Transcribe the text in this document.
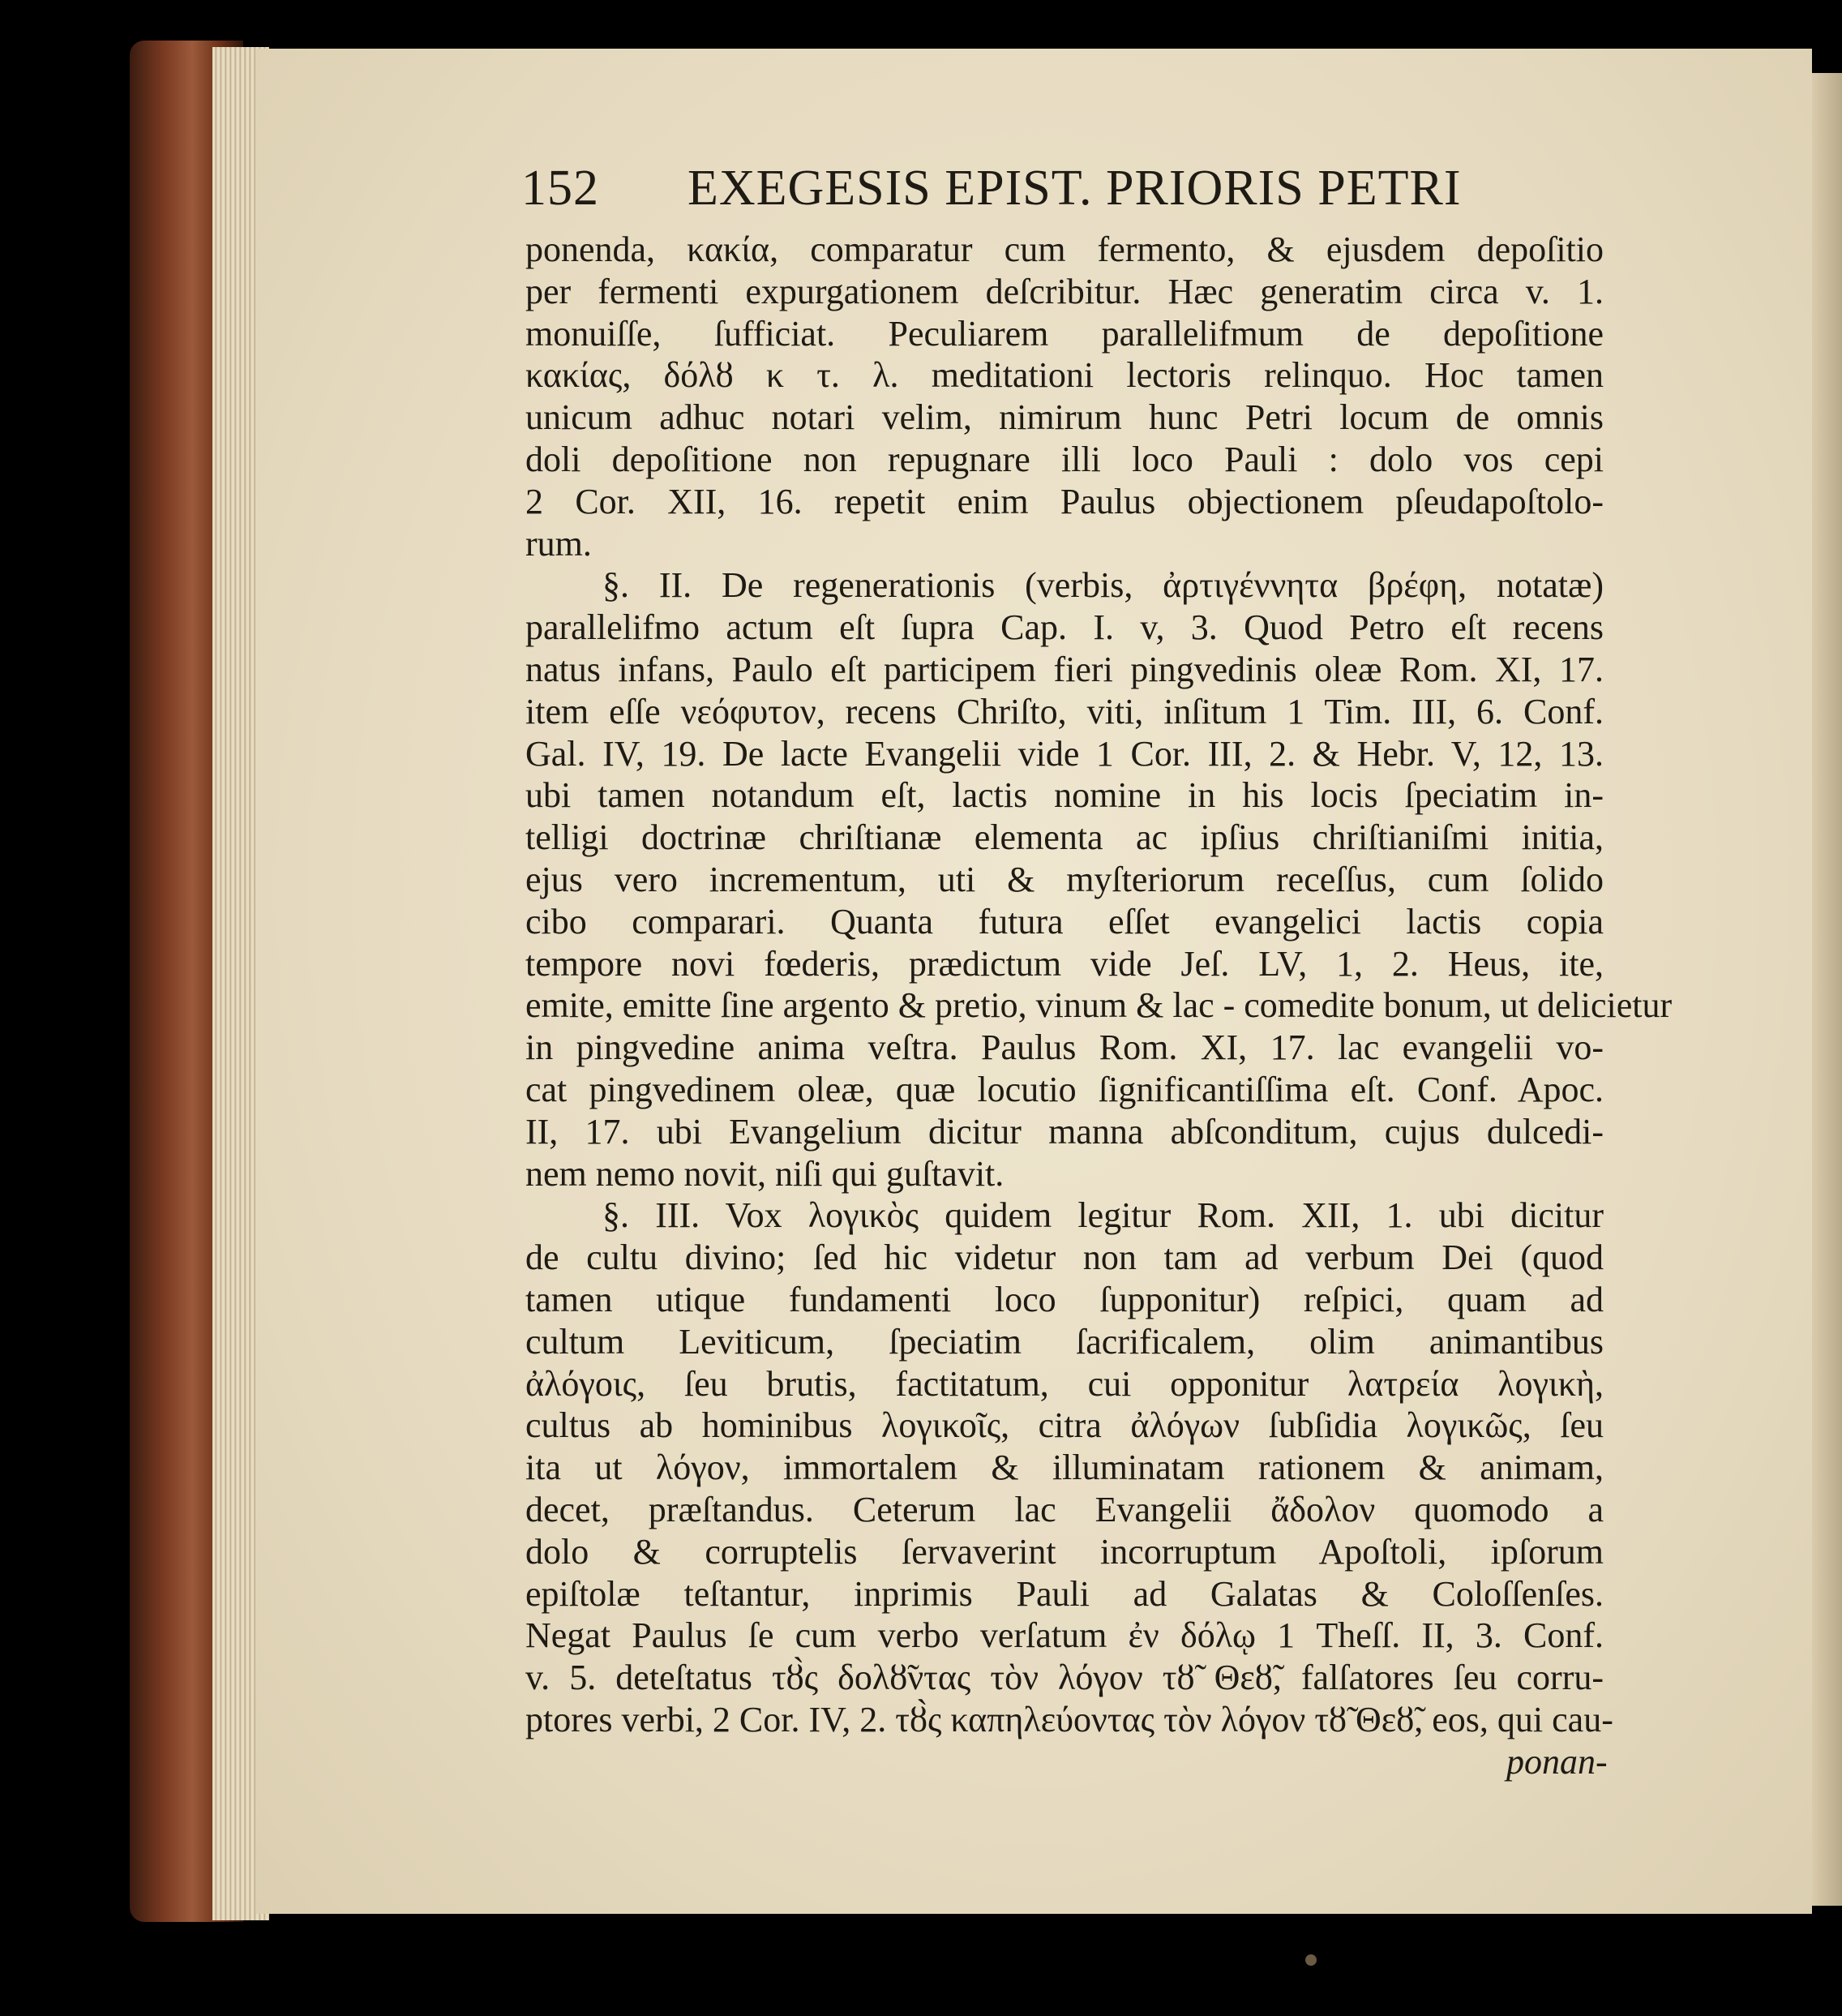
152 EXEGESIS EPIST. PRIORIS PETRI
ponenda, κακία, comparatur cum fermento, & ejusdem depoſitio
per fermenti expurgationem deſcribitur. Hæc generatim circa v. 1.
monuiſſe, ſufficiat. Peculiarem parallelifmum de depoſitione
κακίας, δόλȣ κ τ. λ. meditationi lectoris relinquo. Hoc tamen
unicum adhuc notari velim, nimirum hunc Petri locum de omnis
doli depoſitione non repugnare illi loco Pauli : dolo vos cepi
2 Cor. XII, 16. repetit enim Paulus objectionem pſeudapoſtolo-
rum.
§. II. De regenerationis (verbis, ἀρτιγέννητα βρέφη, notatæ)
parallelifmo actum eſt ſupra Cap. I. v, 3. Quod Petro eſt recens
natus infans, Paulo eſt participem fieri pingvedinis oleæ Rom. XI, 17.
item eſſe νεόφυτον, recens Chriſto, viti, inſitum 1 Tim. III, 6. Conf.
Gal. IV, 19. De lacte Evangelii vide 1 Cor. III, 2. & Hebr. V, 12, 13.
ubi tamen notandum eſt, lactis nomine in his locis ſpeciatim in-
telligi doctrinæ chriſtianæ elementa ac ipſius chriſtianiſmi initia,
ejus vero incrementum, uti & myſteriorum receſſus, cum ſolido
cibo comparari. Quanta futura eſſet evangelici lactis copia
tempore novi fœderis, prædictum vide Jeſ. LV, 1, 2. Heus, ite,
emite, emitte ſine argento & pretio, vinum & lac - comedite bonum, ut delicietur
in pingvedine anima veſtra. Paulus Rom. XI, 17. lac evangelii vo-
cat pingvedinem oleæ, quæ locutio ſignificantiſſima eſt. Conf. Apoc.
II, 17. ubi Evangelium dicitur manna abſconditum, cujus dulcedi-
nem nemo novit, niſi qui guſtavit.
§. III. Vox λογικὸς quidem legitur Rom. XII, 1. ubi dicitur
de cultu divino; ſed hic videtur non tam ad verbum Dei (quod
tamen utique fundamenti loco ſupponitur) reſpici, quam ad
cultum Leviticum, ſpeciatim ſacrificalem, olim animantibus
ἀλόγοις, ſeu brutis, factitatum, cui opponitur λατρεία λογικὴ,
cultus ab hominibus λογικοῖς, citra ἀλόγων ſubſidia λογικῶς, ſeu
ita ut λόγον, immortalem & illuminatam rationem & animam,
decet, præſtandus. Ceterum lac Evangelii ἄδολον quomodo a
dolo & corruptelis ſervaverint incorruptum Apoſtoli, ipſorum
epiſtolæ teſtantur, inprimis Pauli ad Galatas & Coloſſenſes.
Negat Paulus ſe cum verbo verſatum ἐν δόλῳ 1 Theſſ. II, 3. Conf.
v. 5. deteſtatus τȣ̀ς δολȣ̃ντας τὸν λόγον τȣ̃ Θεȣ̃, falſatores ſeu corru-
ptores verbi, 2 Cor. IV, 2. τȣ̀ς καπηλεύοντας τὸν λόγον τȣ̃ Θεȣ̃, eos, qui cau-
ponan-
